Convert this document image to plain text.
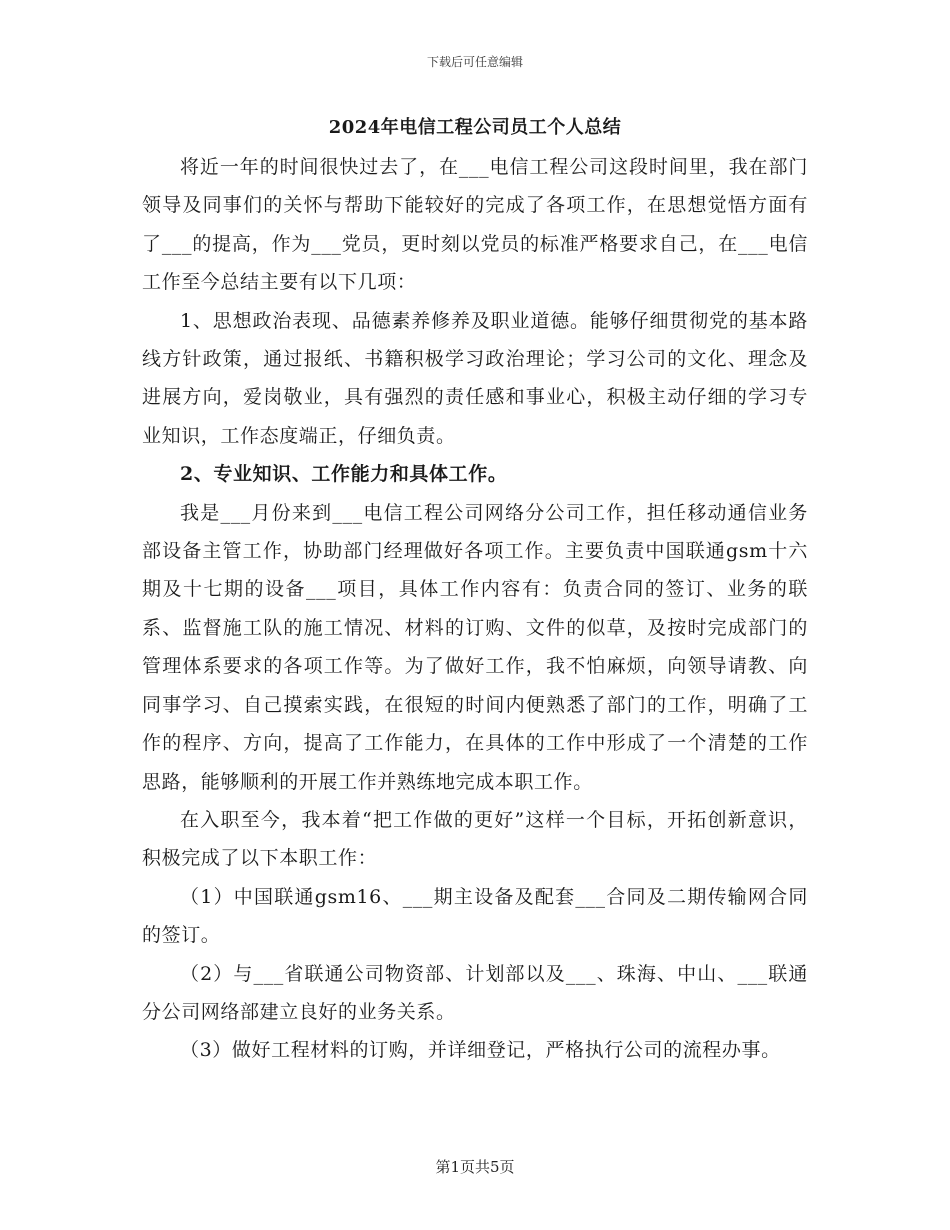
下载后可任意编辑
2024年电信工程公司员工个人总结

将近一年的时间很快过去了，在___电信工程公司这段时间里，我在部门领导及同事们的关怀与帮助下能较好的完成了各项工作，在思想觉悟方面有了___的提高，作为___党员，更时刻以党员的标准严格要求自己，在___电信工作至今总结主要有以下几项：

1、思想政治表现、品德素养修养及职业道德。能够仔细贯彻党的基本路线方针政策，通过报纸、书籍积极学习政治理论；学习公司的文化、理念及进展方向，爱岗敬业，具有强烈的责任感和事业心，积极主动仔细的学习专业知识，工作态度端正，仔细负责。

2、专业知识、工作能力和具体工作。

我是___月份来到___电信工程公司网络分公司工作，担任移动通信业务部设备主管工作，协助部门经理做好各项工作。主要负责中国联通gsm十六期及十七期的设备___项目，具体工作内容有：负责合同的签订、业务的联系、监督施工队的施工情况、材料的订购、文件的似草，及按时完成部门的管理体系要求的各项工作等。为了做好工作，我不怕麻烦，向领导请教、向同事学习、自己摸索实践，在很短的时间内便熟悉了部门的工作，明确了工作的程序、方向，提高了工作能力，在具体的工作中形成了一个清楚的工作思路，能够顺利的开展工作并熟练地完成本职工作。

在入职至今，我本着“把工作做的更好”这样一个目标，开拓创新意识，积极完成了以下本职工作：

（1）中国联通gsm16、___期主设备及配套___合同及二期传输网合同的签订。

（2）与___省联通公司物资部、计划部以及___、珠海、中山、___联通分公司网络部建立良好的业务关系。

（3）做好工程材料的订购，并详细登记，严格执行公司的流程办事。

第1页共5页
